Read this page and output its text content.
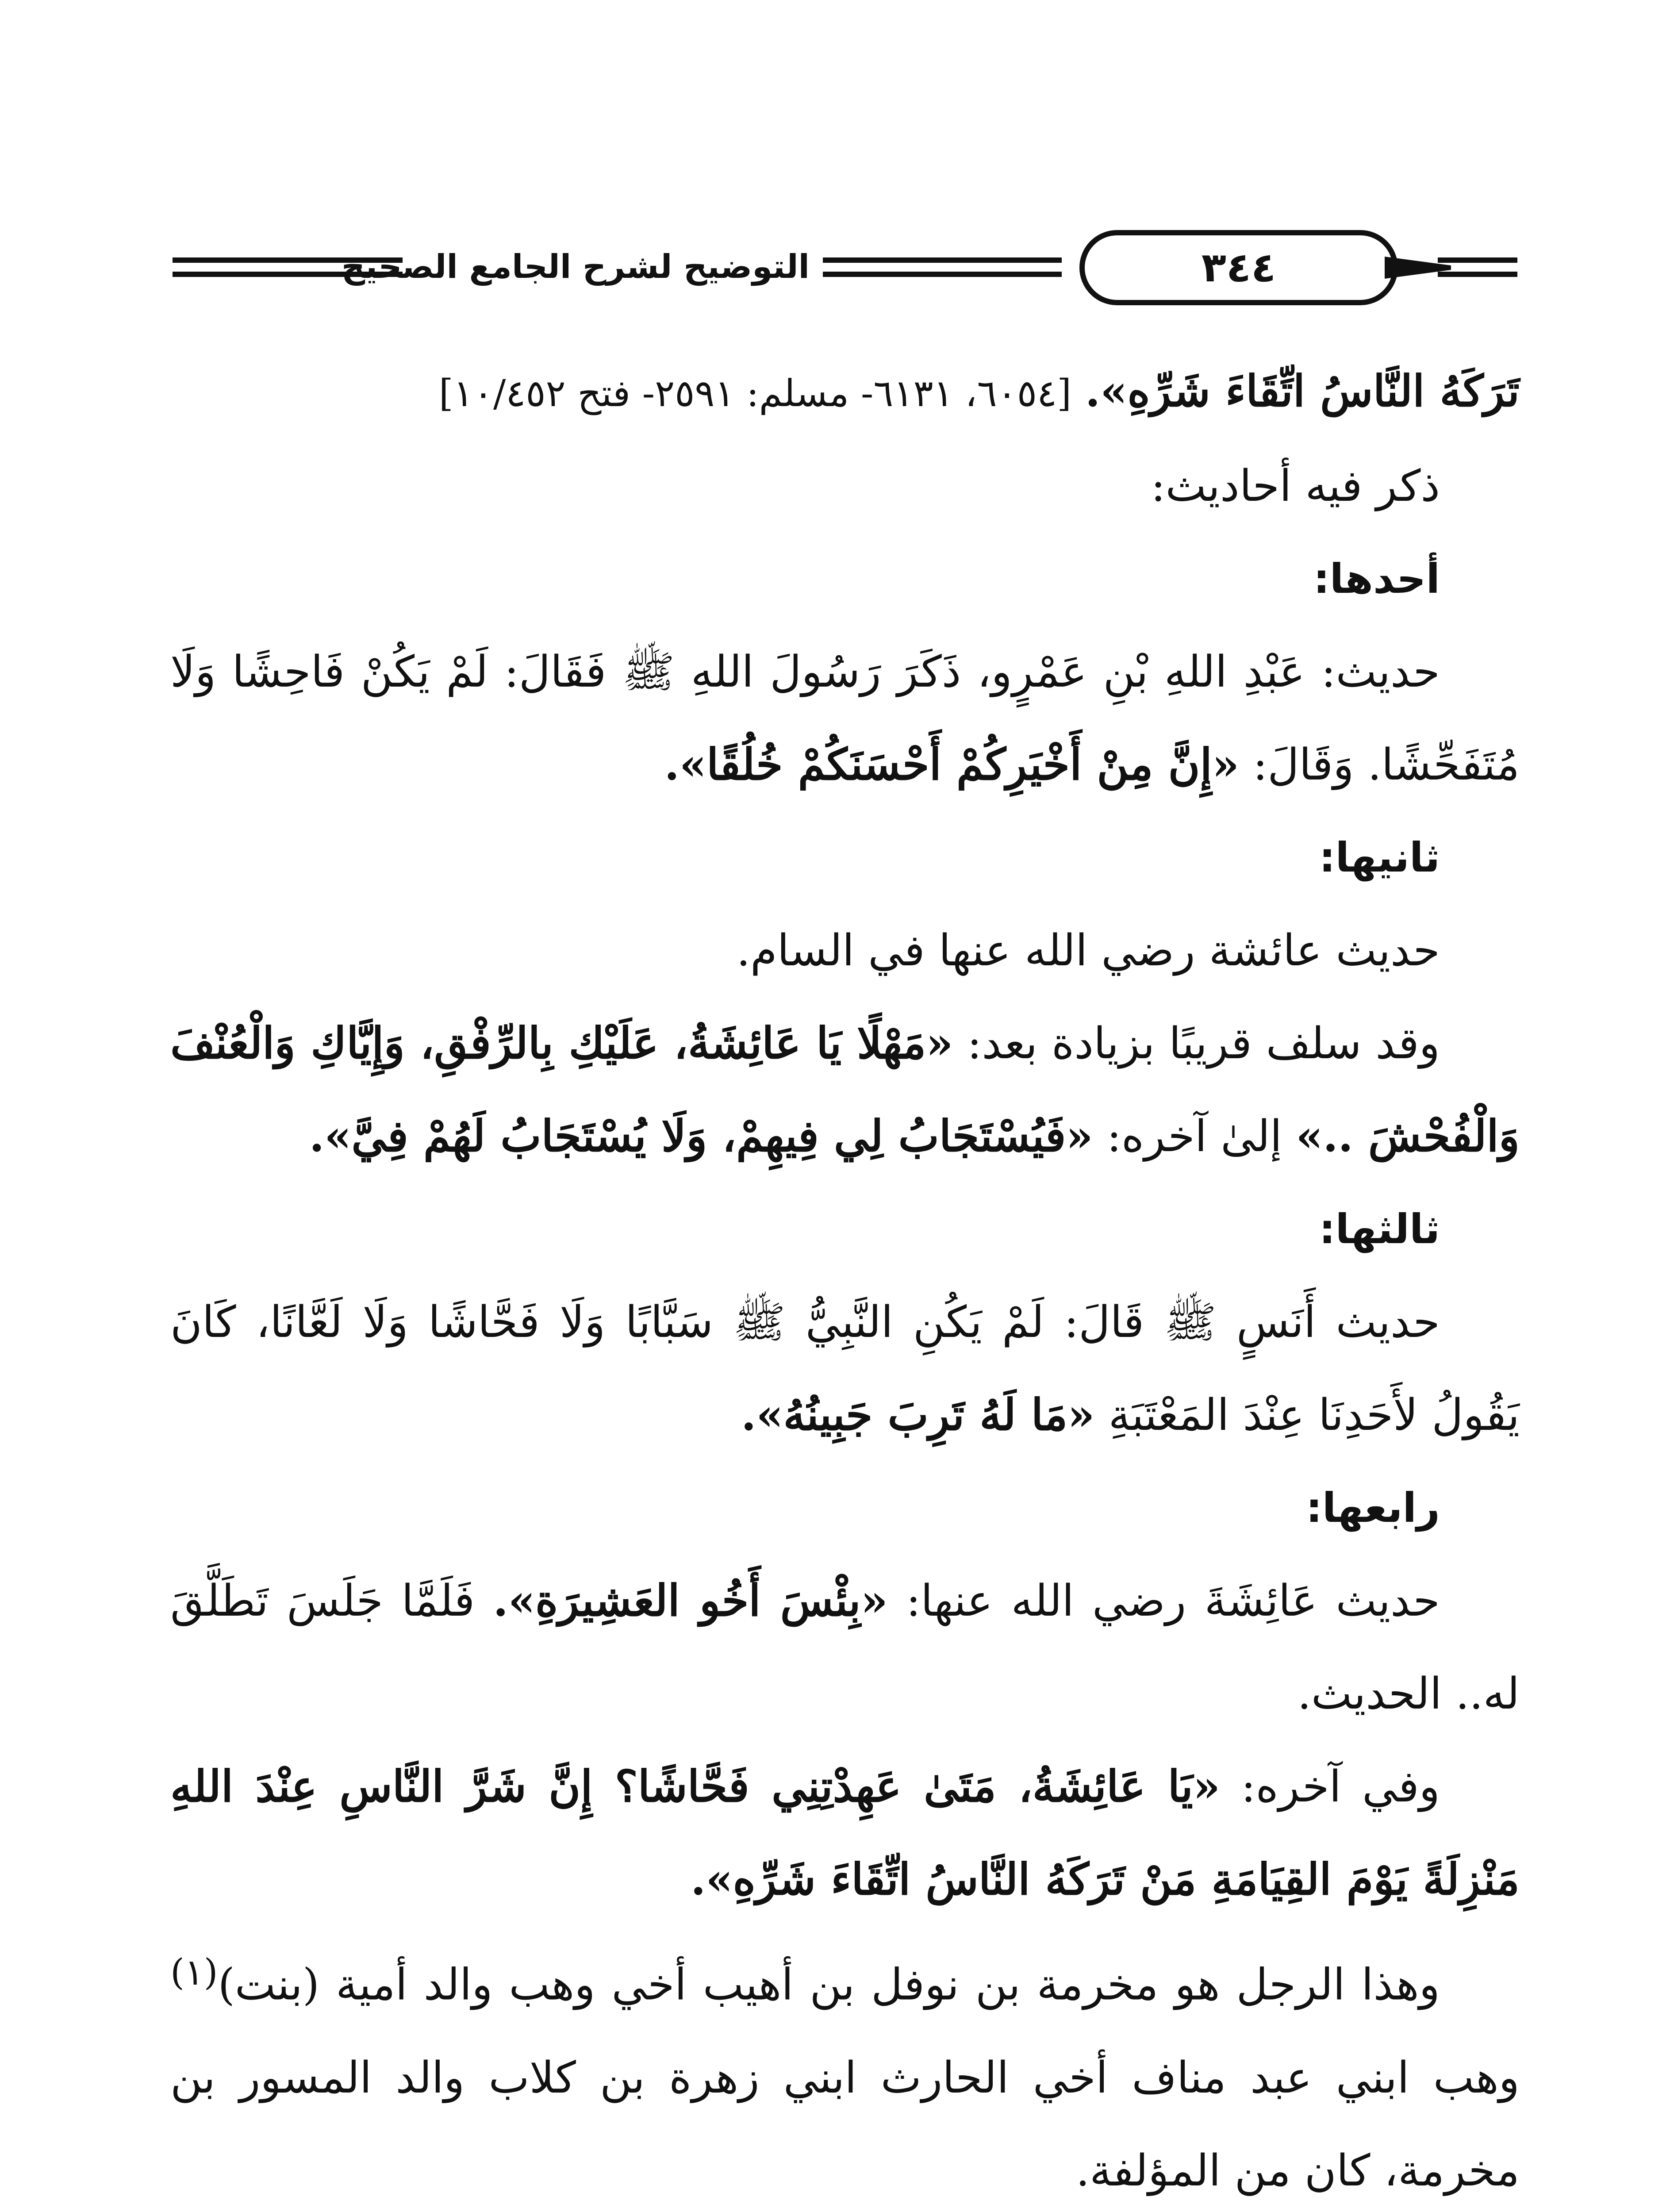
التوضيح لشرح الجامع الصحيح	٣٤٤

تَرَكَهُ النَّاسُ اتِّقَاءَ شَرِّهِ». [٦٠٥٤، ٦١٣١- مسلم: ٢٥٩١- فتح ١٠/٤٥٢]

ذكر فيه أحاديث:

أحدها:

حديث: عَبْدِ اللهِ بْنِ عَمْرٍو، ذَكَرَ رَسُولَ اللهِ ﷺ فَقَالَ: لَمْ يَكُنْ فَاحِشًا وَلَا مُتَفَحِّشًا. وَقَالَ: «إِنَّ مِنْ أَخْيَرِكُمْ أَحْسَنَكُمْ خُلُقًا».

ثانيها:

حديث عائشة رضي الله عنها في السام.

وقد سلف قريبًا بزيادة بعد: «مَهْلًا يَا عَائِشَةُ، عَلَيْكِ بِالرِّفْقِ، وَإِيَّاكِ وَالْعُنْفَ وَالْفُحْشَ ..» إلىٰ آخره: «فَيُسْتَجَابُ لِي فِيهِمْ، وَلَا يُسْتَجَابُ لَهُمْ فِيَّ».

ثالثها:

حديث أَنَسٍ ﷺ قَالَ: لَمْ يَكُنِ النَّبِيُّ ﷺ سَبَّابًا وَلَا فَحَّاشًا وَلَا لَعَّانًا، كَانَ يَقُولُ لأَحَدِنَا عِنْدَ المَعْتَبَةِ «مَا لَهُ تَرِبَ جَبِينُهُ».

رابعها:

حديث عَائِشَةَ رضي الله عنها: «بِئْسَ أَخُو العَشِيرَةِ». فَلَمَّا جَلَسَ تَطَلَّقَ له.. الحديث.

وفي آخره: «يَا عَائِشَةُ، مَتَىٰ عَهِدْتِنِي فَحَّاشًا؟ إِنَّ شَرَّ النَّاسِ عِنْدَ اللهِ مَنْزِلَةً يَوْمَ القِيَامَةِ مَنْ تَرَكَهُ النَّاسُ اتِّقَاءَ شَرِّهِ».

وهذا الرجل هو مخرمة بن نوفل بن أهيب أخي وهب والد أمية (بنت)$^{(١)}$ وهب ابني عبد مناف أخي الحارث ابني زهرة بن كلاب والد المسور بن مخرمة، كان من المؤلفة.
